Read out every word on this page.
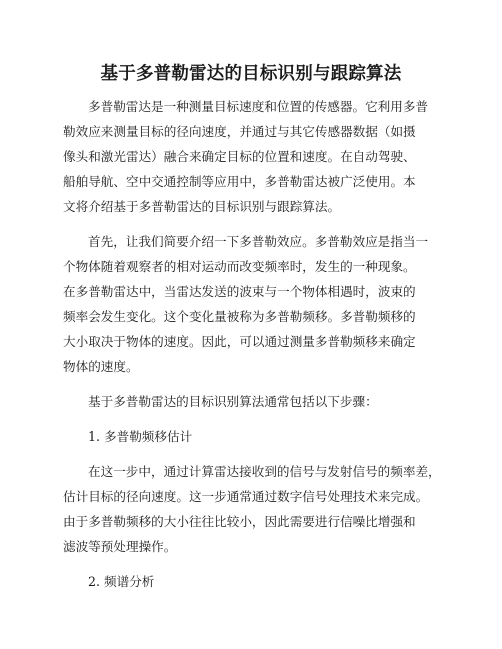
基于多普勒雷达的目标识别与跟踪算法
多普勒雷达是一种测量目标速度和位置的传感器。它利用多普
勒效应来测量目标的径向速度，并通过与其它传感器数据（如摄
像头和激光雷达）融合来确定目标的位置和速度。在自动驾驶、
船舶导航、空中交通控制等应用中，多普勒雷达被广泛使用。本
文将介绍基于多普勒雷达的目标识别与跟踪算法。
首先，让我们简要介绍一下多普勒效应。多普勒效应是指当一
个物体随着观察者的相对运动而改变频率时，发生的一种现象。
在多普勒雷达中，当雷达发送的波束与一个物体相遇时，波束的
频率会发生变化。这个变化量被称为多普勒频移。多普勒频移的
大小取决于物体的速度。因此，可以通过测量多普勒频移来确定
物体的速度。
基于多普勒雷达的目标识别算法通常包括以下步骤：
1. 多普勒频移估计
在这一步中，通过计算雷达接收到的信号与发射信号的频率差，
估计目标的径向速度。这一步通常通过数字信号处理技术来完成。
由于多普勒频移的大小往往比较小，因此需要进行信噪比增强和
滤波等预处理操作。
2. 频谱分析
